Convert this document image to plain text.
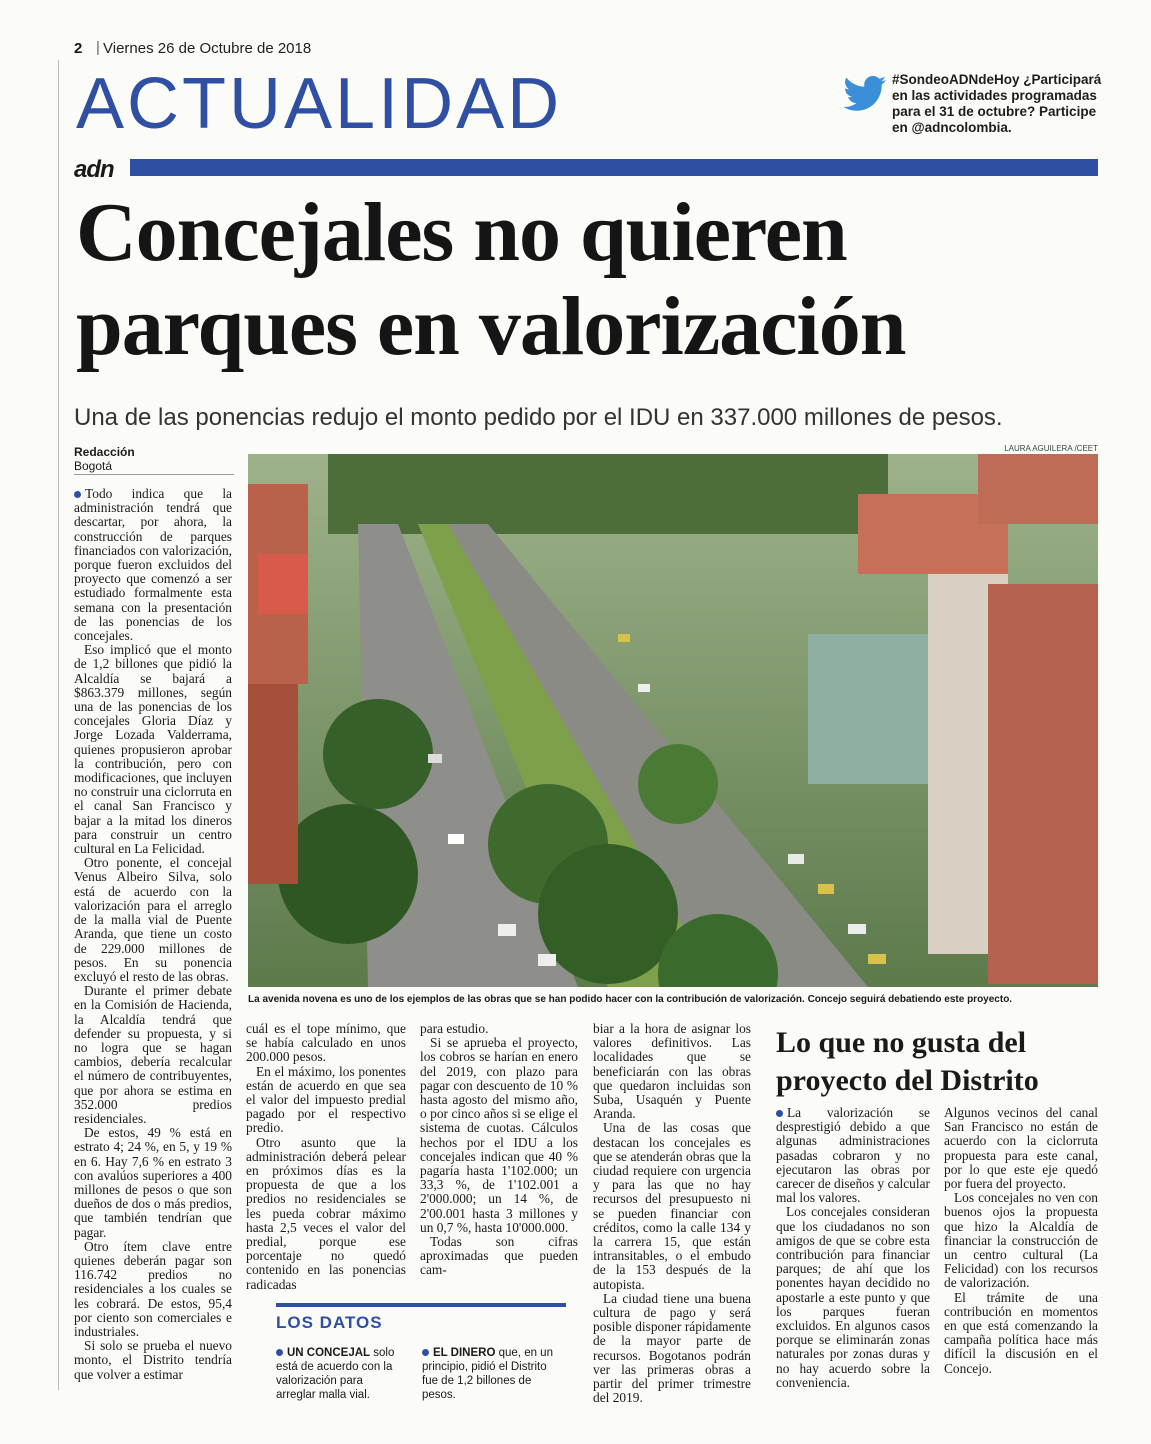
2 | Viernes 26 de Octubre de 2018
ACTUALIDAD	#SondeoADNdeHoy ¿Participará en las actividades programadas para el 31 de octubre? Participe en @adncolombia.
adn
Concejales no quieren parques en valorización
Una de las ponencias redujo el monto pedido por el IDU en 337.000 millones de pesos.
Redacción
Bogotá
LAURA AGUILERA /CEET
La avenida novena es uno de los ejemplos de las obras que se han podido hacer con la contribución de valorización. Concejo seguirá debatiendo este proyecto.

Todo indica que la administración tendrá que descartar, por ahora, la construcción de parques financiados con valorización, porque fueron excluidos del proyecto que comenzó a ser estudiado formalmente esta semana con la presentación de las ponencias de los concejales.

Eso implicó que el monto de 1,2 billones que pidió la Alcaldía se bajará a $863.379 millones, según una de las ponencias de los concejales Gloria Díaz y Jorge Lozada Valderrama, quienes propusieron aprobar la contribución, pero con modificaciones, que incluyen no construir una ciclorruta en el canal San Francisco y bajar a la mitad los dineros para construir un centro cultural en La Felicidad.

Otro ponente, el concejal Venus Albeiro Silva, solo está de acuerdo con la valorización para el arreglo de la malla vial de Puente Aranda, que tiene un costo de 229.000 millones de pesos. En su ponencia excluyó el resto de las obras.

Durante el primer debate en la Comisión de Hacienda, la Alcaldía tendrá que defender su propuesta, y si no logra que se hagan cambios, debería recalcular el número de contribuyentes, que por ahora se estima en 352.000 predios residenciales.

De estos, 49 % está en estrato 4; 24 %, en 5, y 19 % en 6. Hay 7,6 % en estrato 3 con avalúos superiores a 400 millones de pesos o que son dueños de dos o más predios, que también tendrían que pagar.

Otro ítem clave entre quienes deberán pagar son 116.742 predios no residenciales a los cuales se les cobrará. De estos, 95,4 por ciento son comerciales e industriales.

Si solo se prueba el nuevo monto, el Distrito tendría que volver a estimar

cuál es el tope mínimo, que se había calculado en unos 200.000 pesos.

En el máximo, los ponentes están de acuerdo en que sea el valor del impuesto predial pagado por el respectivo predio.

Otro asunto que la administración deberá pelear en próximos días es la propuesta de que a los predios no residenciales se les pueda cobrar máximo hasta 2,5 veces el valor del predial, porque ese porcentaje no quedó contenido en las ponencias radicadas

para estudio.

Si se aprueba el proyecto, los cobros se harían en enero del 2019, con plazo para pagar con descuento de 10 % hasta agosto del mismo año, o por cinco años si se elige el sistema de cuotas. Cálculos hechos por el IDU a los concejales indican que 40 % pagaría hasta 1'102.000; un 33,3 %, de 1'102.001 a 2'000.000; un 14 %, de 2'00.001 hasta 3 millones y un 0,7 %, hasta 10'000.000.

Todas son cifras aproximadas que pueden cam-

biar a la hora de asignar los valores definitivos. Las localidades que se beneficiarán con las obras que quedaron incluidas son Suba, Usaquén y Puente Aranda.

Una de las cosas que destacan los concejales es que se atenderán obras que la ciudad requiere con urgencia y para las que no hay recursos del presupuesto ni se pueden financiar con créditos, como la calle 134 y la carrera 15, que están intransitables, o el embudo de la 153 después de la autopista.

La ciudad tiene una buena cultura de pago y será posible disponer rápidamente de la mayor parte de recursos. Bogotanos podrán ver las primeras obras a partir del primer trimestre del 2019.

Lo que no gusta del proyecto del Distrito

La valorización se desprestigió debido a que algunas administraciones pasadas cobraron y no ejecutaron las obras por carecer de diseños y calcular mal los valores.

Los concejales consideran que los ciudadanos no son amigos de que se cobre esta contribución para financiar parques; de ahí que los ponentes hayan decidido no apostarle a este punto y que los parques fueran excluidos. En algunos casos porque se eliminarán zonas naturales por zonas duras y no hay acuerdo sobre la conveniencia.

Algunos vecinos del canal San Francisco no están de acuerdo con la ciclorruta propuesta para este canal, por lo que este eje quedó por fuera del proyecto.

Los concejales no ven con buenos ojos la propuesta que hizo la Alcaldía de financiar la construcción de un centro cultural (La Felicidad) con los recursos de valorización.

El trámite de una contribución en momentos en que está comenzando la campaña política hace más difícil la discusión en el Concejo.

LOS DATOS
UN CONCEJAL solo está de acuerdo con la valorización para arreglar malla vial.
EL DINERO que, en un principio, pidió el Distrito fue de 1,2 billones de pesos.
